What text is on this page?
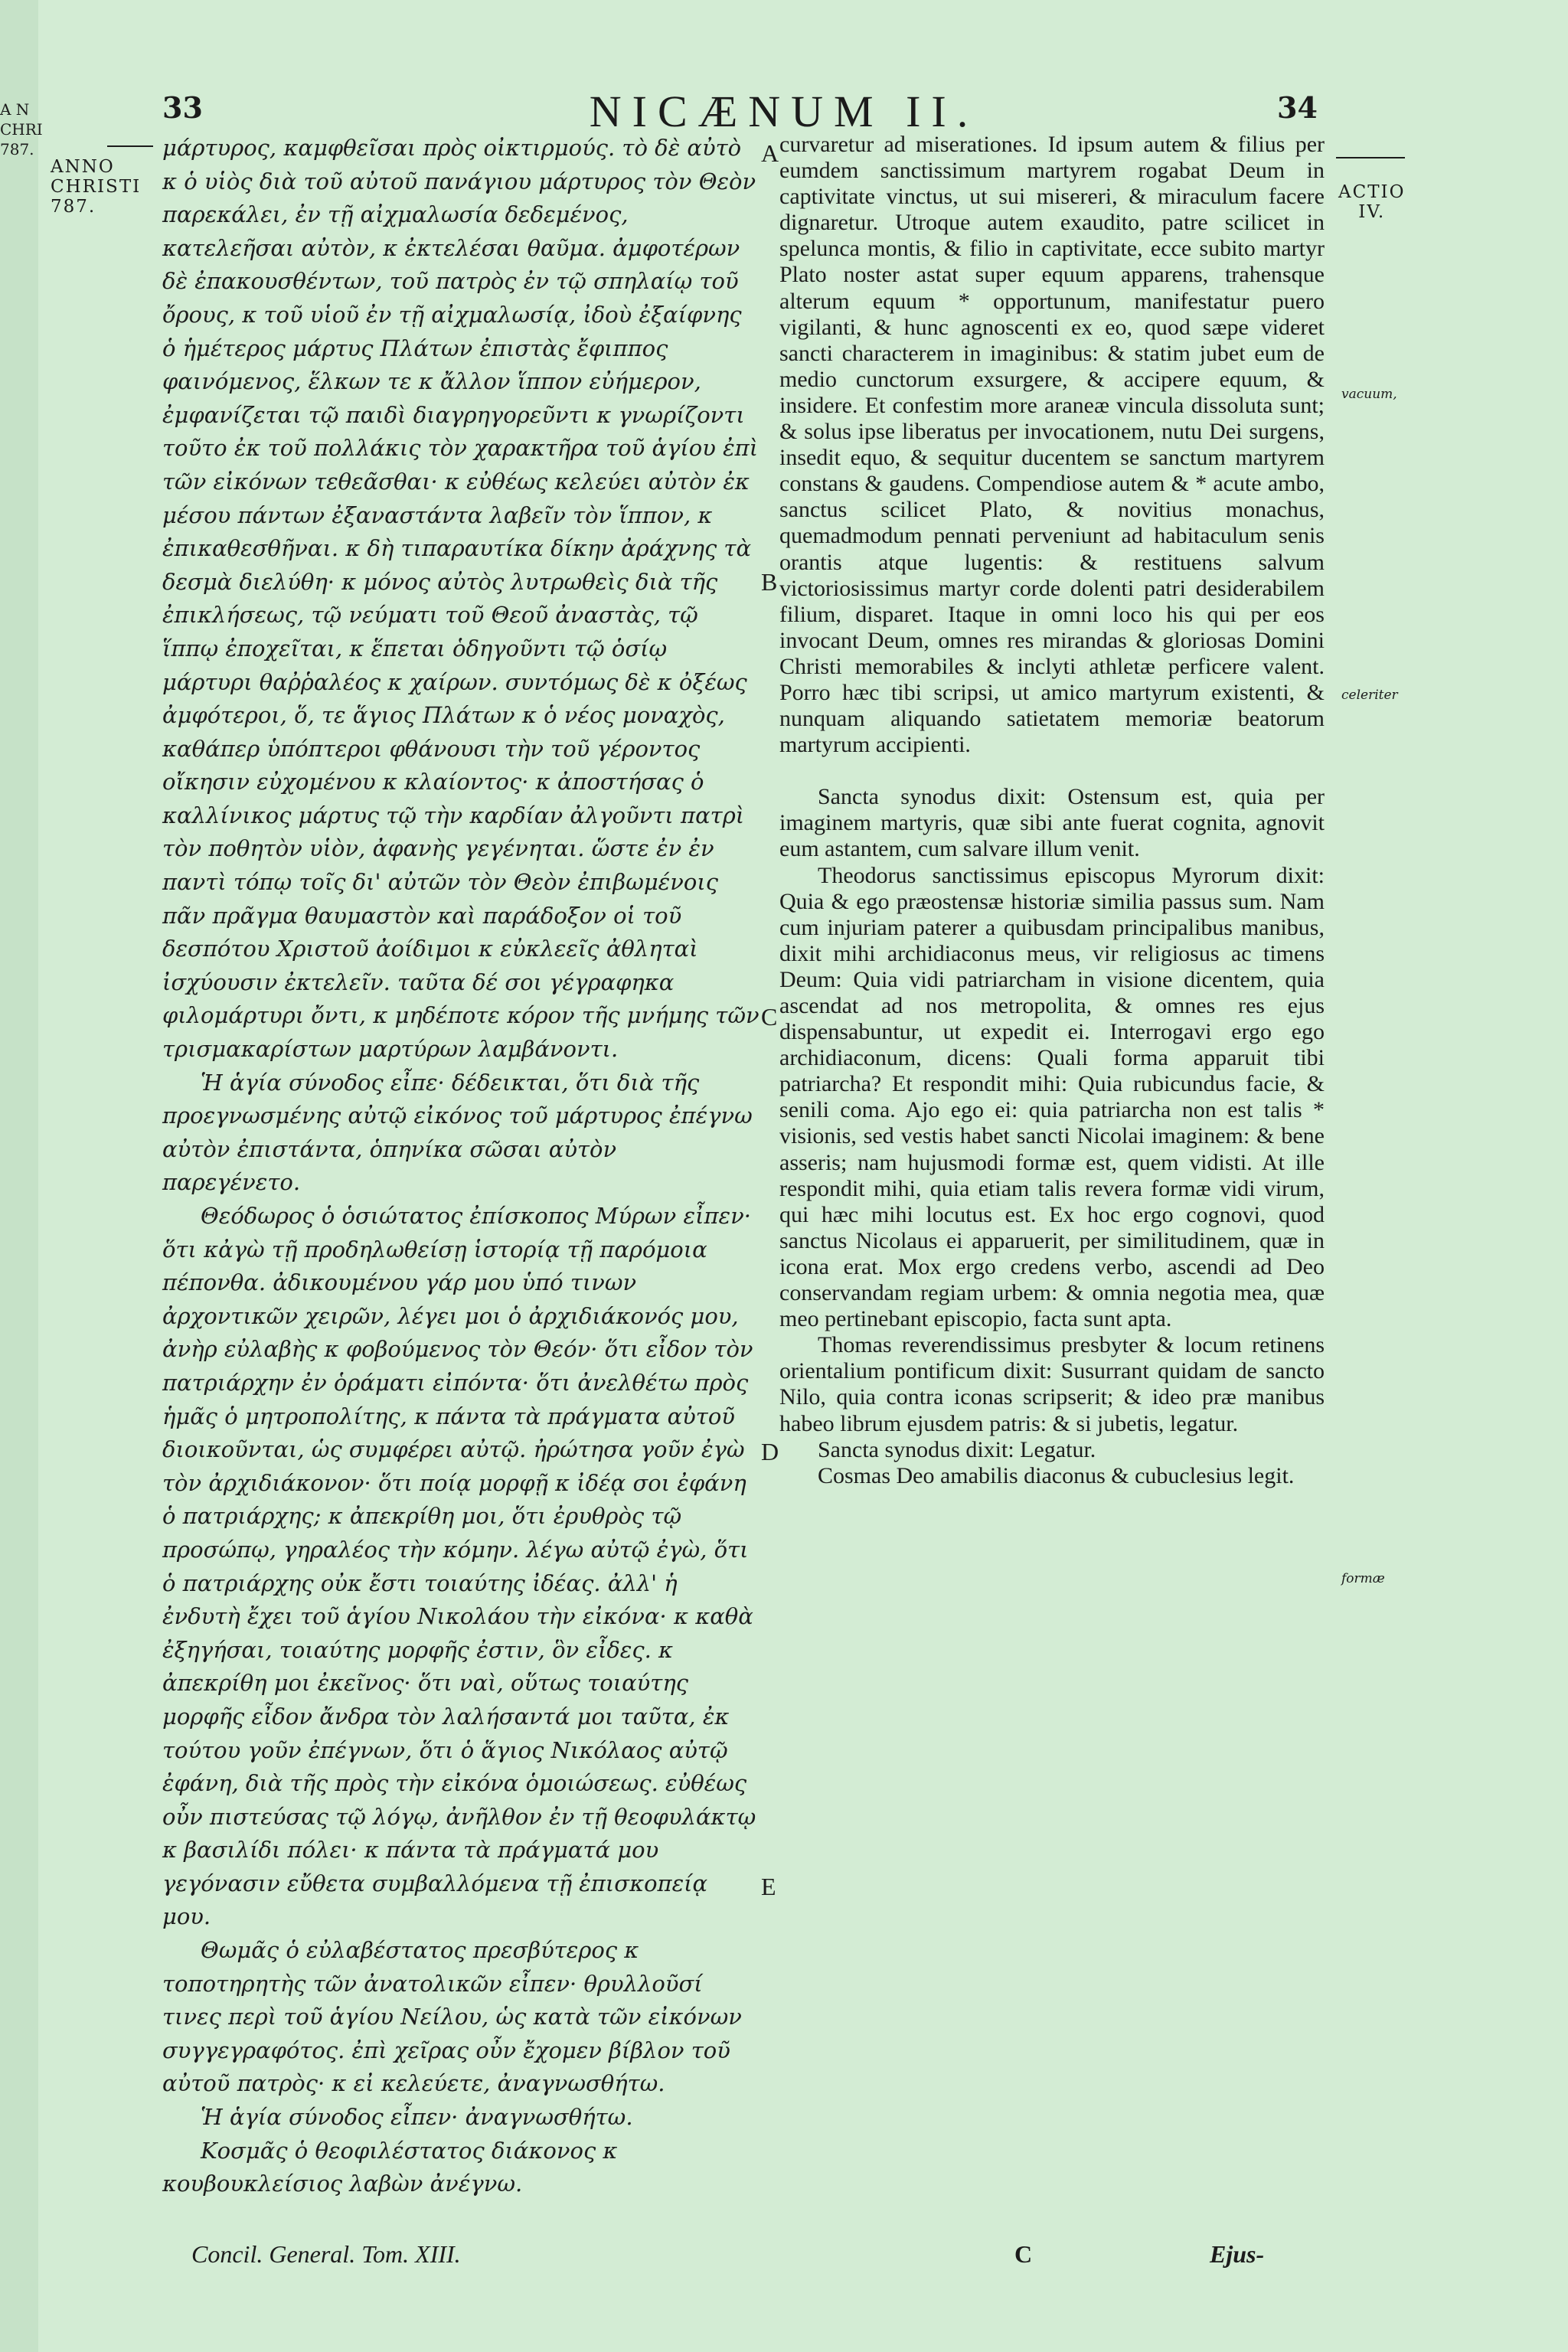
A N
CHRI
787.
33	NICÆNUM II.	34
ANNO
CHRISTI
787.
ACTIO
IV.
vacuum,
celeriter
formæ
A
B
C
D
E

μάρτυρος, καμφθεῖσαι πρὸς οἰκτιρμούς. τὸ δὲ αὐτὸ κ ὁ υἱὸς διὰ τοῦ αὐτοῦ πανάγιου μάρτυρος τὸν Θεὸν παρεκάλει, ἐν τῇ αἰχμαλωσία δεδεμένος, κατελεῆσαι αὐτὸν, κ ἐκτελέσαι θαῦμα. ἀμφοτέρων δὲ ἐπακουσθέντων, τοῦ πατρὸς ἐν τῷ σπηλαίῳ τοῦ ὄρους, κ τοῦ υἱοῦ ἐν τῇ αἰχμαλωσίᾳ, ἰδοὺ ἐξαίφνης ὁ ἡμέτερος μάρτυς Πλάτων ἐπιστὰς ἔφιππος φαινόμενος, ἕλκων τε κ ἄλλον ἵππον εὐήμερον, ἐμφανίζεται τῷ παιδὶ διαγρηγορεῦντι κ γνωρίζοντι τοῦτο ἐκ τοῦ πολλάκις τὸν χαρακτῆρα τοῦ ἁγίου ἐπὶ τῶν εἰκόνων τεθεᾶσθαι· κ εὐθέως κελεύει αὐτὸν ἐκ μέσου πάντων ἐξαναστάντα λαβεῖν τὸν ἵππον, κ ἐπικαθεσθῆναι. κ δὴ τιπαραυτίκα δίκην ἀράχνης τὰ δεσμὰ διελύθη· κ μόνος αὐτὸς λυτρωθεὶς διὰ τῆς ἐπικλήσεως, τῷ νεύματι τοῦ Θεοῦ ἀναστὰς, τῷ ἵππῳ ἐποχεῖται, κ ἕπεται ὁδηγοῦντι τῷ ὁσίῳ μάρτυρι θαῤῥαλέος κ χαίρων. συντόμως δὲ κ ὀξέως ἀμφότεροι, ὅ, τε ἅγιος Πλάτων κ ὁ νέος μοναχὸς, καθάπερ ὑπόπτεροι φθάνουσι τὴν τοῦ γέροντος οἴκησιν εὐχομένου κ κλαίοντος· κ ἀποστήσας ὁ καλλίνικος μάρτυς τῷ τὴν καρδίαν ἀλγοῦντι πατρὶ τὸν ποθητὸν υἱὸν, ἀφανὴς γεγένηται. ὥστε ἐν ἐν παντὶ τόπῳ τοῖς δι' αὐτῶν τὸν Θεὸν ἐπιβωμένοις πᾶν πρᾶγμα θαυμαστὸν καὶ παράδοξον οἱ τοῦ δεσπότου Χριστοῦ ἀοίδιμοι κ εὐκλεεῖς ἀθληταὶ ἰσχύουσιν ἐκτελεῖν. ταῦτα δέ σοι γέγραφηκα φιλομάρτυρι ὄντι, κ μηδέποτε κόρον τῆς μνήμης τῶν τρισμακαρίστων μαρτύρων λαμβάνοντι.

Ἡ ἁγία σύνοδος εἶπε· δέδεικται, ὅτι διὰ τῆς προεγνωσμένης αὐτῷ εἰκόνος τοῦ μάρτυρος ἐπέγνω αὐτὸν ἐπιστάντα, ὁπηνίκα σῶσαι αὐτὸν παρεγένετο.

Θεόδωρος ὁ ὁσιώτατος ἐπίσκοπος Μύρων εἶπεν· ὅτι κἀγὼ τῇ προδηλωθείσῃ ἱστορίᾳ τῇ παρόμοια πέπονθα. ἀδικουμένου γάρ μου ὑπό τινων ἀρχοντικῶν χειρῶν, λέγει μοι ὁ ἀρχιδιάκονός μου, ἀνὴρ εὐλαβὴς κ φοβούμενος τὸν Θεόν· ὅτι εἶδον τὸν πατριάρχην ἐν ὁράματι εἰπόντα· ὅτι ἀνελθέτω πρὸς ἡμᾶς ὁ μητροπολίτης, κ πάντα τὰ πράγματα αὐτοῦ διοικοῦνται, ὡς συμφέρει αὐτῷ. ἠρώτησα γοῦν ἐγὼ τὸν ἀρχιδιάκονον· ὅτι ποίᾳ μορφῇ κ ἰδέᾳ σοι ἐφάνη ὁ πατριάρχης; κ ἀπεκρίθη μοι, ὅτι ἐρυθρὸς τῷ προσώπῳ, γηραλέος τὴν κόμην. λέγω αὐτῷ ἐγὼ, ὅτι ὁ πατριάρχης οὐκ ἔστι τοιαύτης ἰδέας. ἀλλ' ἡ ἐνδυτὴ ἔχει τοῦ ἁγίου Νικολάου τὴν εἰκόνα· κ καθὰ ἐξηγήσαι, τοιαύτης μορφῆς ἐστιν, ὃν εἶδες. κ ἀπεκρίθη μοι ἐκεῖνος· ὅτι ναὶ, οὕτως τοιαύτης μορφῆς εἶδον ἄνδρα τὸν λαλήσαντά μοι ταῦτα, ἐκ τούτου γοῦν ἐπέγνων, ὅτι ὁ ἅγιος Νικόλαος αὐτῷ ἐφάνη, διὰ τῆς πρὸς τὴν εἰκόνα ὁμοιώσεως. εὐθέως οὖν πιστεύσας τῷ λόγῳ, ἀνῆλθον ἐν τῇ θεοφυλάκτῳ κ βασιλίδι πόλει· κ πάντα τὰ πράγματά μου γεγόνασιν εὔθετα συμβαλλόμενα τῇ ἐπισκοπείᾳ μου.

Θωμᾶς ὁ εὐλαβέστατος πρεσβύτερος κ τοποτηρητὴς τῶν ἀνατολικῶν εἶπεν· θρυλλοῦσί τινες περὶ τοῦ ἁγίου Νείλου, ὡς κατὰ τῶν εἰκόνων συγγεγραφότος. ἐπὶ χεῖρας οὖν ἔχομεν βίβλον τοῦ αὐτοῦ πατρὸς· κ εἰ κελεύετε, ἀναγνωσθήτω.

Ἡ ἁγία σύνοδος εἶπεν· ἀναγνωσθήτω.

Κοσμᾶς ὁ θεοφιλέστατος διάκονος κ κουβουκλείσιος λαβὼν ἀνέγνω.

curvaretur ad miserationes. Id ipsum autem & filius per eumdem sanctissimum martyrem rogabat Deum in captivitate vinctus, ut sui misereri, & miraculum facere dignaretur. Utroque autem exaudito, patre scilicet in spelunca montis, & filio in captivitate, ecce subito martyr Plato noster astat super equum apparens, trahensque alterum equum * opportunum, manifestatur puero vigilanti, & hunc agnoscenti ex eo, quod sæpe videret sancti characterem in imaginibus: & statim jubet eum de medio cunctorum exsurgere, & accipere equum, & insidere. Et confestim more araneæ vincula dissoluta sunt; & solus ipse liberatus per invocationem, nutu Dei surgens, insedit equo, & sequitur ducentem se sanctum martyrem constans & gaudens. Compendiose autem & * acute ambo, sanctus scilicet Plato, & novitius monachus, quemadmodum pennati perveniunt ad habitaculum senis orantis atque lugentis: & restituens salvum victoriosissimus martyr corde dolenti patri desiderabilem filium, disparet. Itaque in omni loco his qui per eos invocant Deum, omnes res mirandas & gloriosas Domini Christi memorabiles & inclyti athletæ perficere valent. Porro hæc tibi scripsi, ut amico martyrum existenti, & nunquam aliquando satietatem memoriæ beatorum martyrum accipienti.

Sancta synodus dixit: Ostensum est, quia per imaginem martyris, quæ sibi ante fuerat cognita, agnovit eum astantem, cum salvare illum venit.

Theodorus sanctissimus episcopus Myrorum dixit: Quia & ego præostensæ historiæ similia passus sum. Nam cum injuriam paterer a quibusdam principalibus manibus, dixit mihi archidiaconus meus, vir religiosus ac timens Deum: Quia vidi patriarcham in visione dicentem, quia ascendat ad nos metropolita, & omnes res ejus dispensabuntur, ut expedit ei. Interrogavi ergo ego archidiaconum, dicens: Quali forma apparuit tibi patriarcha? Et respondit mihi: Quia rubicundus facie, & senili coma. Ajo ego ei: quia patriarcha non est talis * visionis, sed vestis habet sancti Nicolai imaginem: & bene asseris; nam hujusmodi formæ est, quem vidisti. At ille respondit mihi, quia etiam talis revera formæ vidi virum, qui hæc mihi locutus est. Ex hoc ergo cognovi, quod sanctus Nicolaus ei apparuerit, per similitudinem, quæ in icona erat. Mox ergo credens verbo, ascendi ad Deo conservandam regiam urbem: & omnia negotia mea, quæ meo pertinebant episcopio, facta sunt apta.

Thomas reverendissimus presbyter & locum retinens orientalium pontificum dixit: Susurrant quidam de sancto Nilo, quia contra iconas scripserit; & ideo præ manibus habeo librum ejusdem patris: & si jubetis, legatur.

Sancta synodus dixit: Legatur.

Cosmas Deo amabilis diaconus & cubuclesius legit.

Concil. General. Tom. XIII.	C	Ejus-
